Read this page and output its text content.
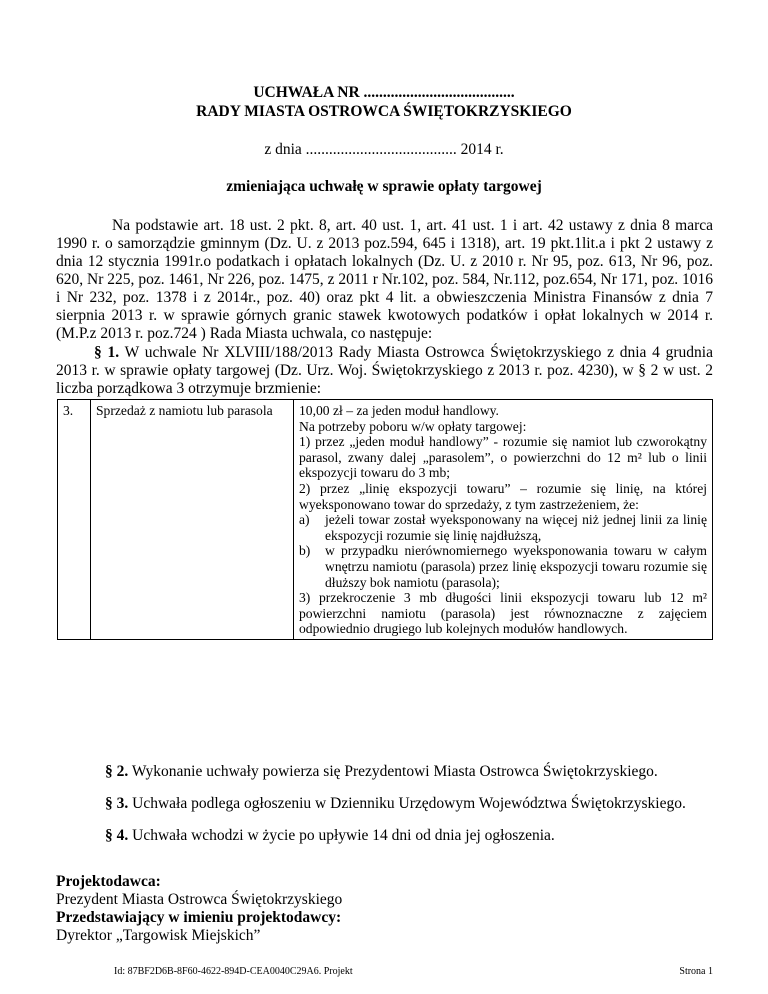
UCHWAŁA NR .......................................
RADY MIASTA OSTROWCA ŚWIĘTOKRZYSKIEGO
z dnia ....................................... 2014 r.
zmieniająca uchwałę w sprawie opłaty targowej
Na podstawie art. 18 ust. 2 pkt. 8, art. 40 ust. 1, art. 41 ust. 1 i art. 42 ustawy z dnia 8 marca 1990 r. o samorządzie gminnym (Dz. U. z 2013 poz.594, 645 i 1318), art. 19 pkt.1lit.a i pkt 2 ustawy z dnia 12 stycznia 1991r.o podatkach i opłatach lokalnych (Dz. U. z 2010 r. Nr 95, poz. 613, Nr 96, poz. 620, Nr 225, poz. 1461, Nr 226, poz. 1475, z 2011 r Nr.102, poz. 584, Nr.112, poz.654, Nr 171, poz. 1016 i Nr 232, poz. 1378 i z 2014r., poz. 40) oraz pkt 4 lit. a obwieszczenia Ministra Finansów z dnia 7 sierpnia 2013 r. w sprawie górnych granic stawek kwotowych podatków i opłat lokalnych w 2014 r. (M.P.z 2013 r. poz.724 ) Rada Miasta uchwala, co następuje:
§ 1. W uchwale Nr XLVIII/188/2013 Rady Miasta Ostrowca Świętokrzyskiego z dnia 4 grudnia 2013 r. w sprawie opłaty targowej (Dz. Urz. Woj. Świętokrzyskiego z 2013 r. poz. 4230), w § 2 w ust. 2 liczba porządkowa 3 otrzymuje brzmienie:
3.	Sprzedaż z namiotu lub parasola	10,00 zł – za jeden moduł handlowy.
Na potrzeby poboru w/w opłaty targowej:
1) przez „jeden moduł handlowy” - rozumie się namiot lub czworokątny parasol, zwany dalej „parasolem”, o powierzchni do 12 m² lub o linii ekspozycji towaru do 3 mb;
2) przez „linię ekspozycji towaru” – rozumie się linię, na której wyeksponowano towar do sprzedaży, z tym zastrzeżeniem, że:
a)	jeżeli towar został wyeksponowany na więcej niż jednej linii za linię ekspozycji rozumie się linię najdłuższą,
b)	w przypadku nierównomiernego wyeksponowania towaru w całym wnętrzu namiotu (parasola) przez linię ekspozycji towaru rozumie się dłuższy bok namiotu (parasola);
3) przekroczenie 3 mb długości linii ekspozycji towaru lub 12 m² powierzchni namiotu (parasola) jest równoznaczne z zajęciem odpowiednio drugiego lub kolejnych modułów handlowych.
§ 2. Wykonanie uchwały powierza się Prezydentowi Miasta Ostrowca Świętokrzyskiego.
§ 3. Uchwała podlega ogłoszeniu w Dzienniku Urzędowym Województwa Świętokrzyskiego.
§ 4. Uchwała wchodzi w życie po upływie 14 dni od dnia jej ogłoszenia.
Projektodawca:
Prezydent Miasta Ostrowca Świętokrzyskiego
Przedstawiający w imieniu projektodawcy:
Dyrektor „Targowisk Miejskich”
Id: 87BF2D6B-8F60-4622-894D-CEA0040C29A6. Projekt	Strona 1
